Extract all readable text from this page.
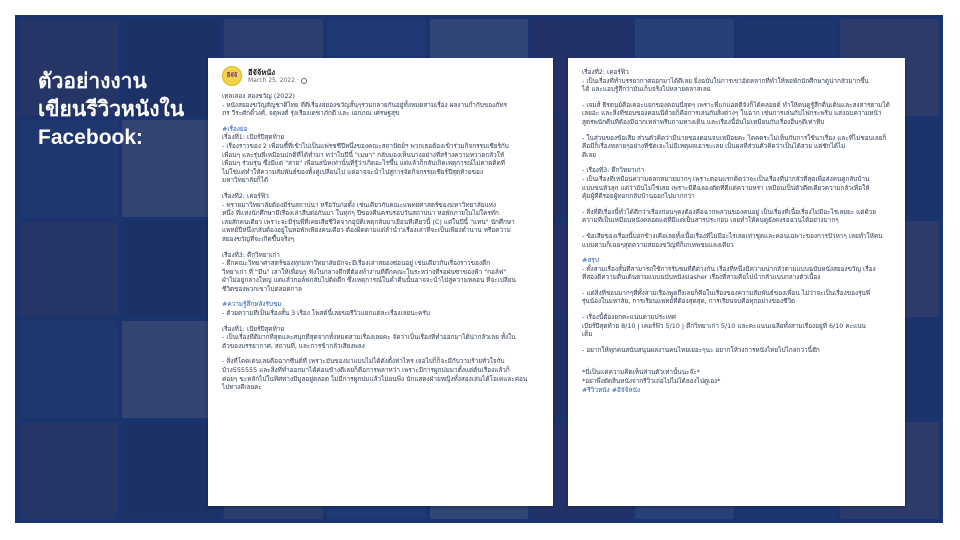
ตัวอย่างงาน
เขียนรีวิวหนังใน
Facebook:
อีจัจ้ อีจัจ้หนัง
March 25, 2022 ·
เทลเลอง สองขวัญ (2022)
- หนังสยองขวัญสัญชาติไทย ที่ดีเรื่องสยองขวัญสั้นๆรวมกลายกันอยู่ทั้งหมดสามเรื่อง ผลงานกำกับของภัทร
ภร วีระศักดิ์วงศ์, จตุพงศ์ รุ่งเรืองเดชาภักดี และ เอกภณ เศรษฐสุข
#เรื่องย่อ
เรื่องที่1: เบียร์ปีสุดท้าย
- เรื่องราวของ 2 เพื่อนซี้ที่เข้าไปเป็นแฟรชชีปีหนึ่งของคณะสถาปัตย์ฯ พวกเธอต้องเข้าร่วมกิจกรรมเชียร์กับ
เพื่อนๆ และรุ่นพี่เหมือนปกติที่ได้ทำมา ทว่าในปีนี้ "เมษา" กลับมองเห็นบางอย่างที่สร้างความหวาดกลัวให้
เพื่อนๆ ร่วมรุ่น ซึ่งมีแต่ "สาย" เพื่อนสนิทเท่านั้นที่รู้ว่าเกิดอะไรขึ้น แต่แล้วก็กลับเกิดเหตุการณ์ไม่คาดคิดที่
ไม่ใช่แค่ทำให้ความสัมพันธ์ของทั้งคู่เปลี่ยนไป แต่อาจจะนำไปสู่การจัดกิจกรรมเชียร์ปีสุดท้ายของ
มหาวิทยาลัยก็ได้
เรื่องที่2: เคอร์ฟิว
- ทรายมาวิทยาลัยต้องมีร่นสถาปนา หรือวันก่อตั้ง เช่นเดียวกับคณะแพทยศาสตร์ของมหาวิทยาลัยแห่ง
หนึ่ง ที่แห่งนักศึกษามีเรื่องเล่าสืบต่อกันมา ในทุกๆ ปีของคืนครบรอบวันสถาปนา หอพักภายในไม่ใครทัก
เลยสักคนเดียว เพราะจะมีรุ่นพี่ที่เคยเสียชีวิตจากอุบัติเหตุกลับมาเยือนที่เดียวนี้ (C) แต่ในปีนี้ "แทน" นักศึกษา
แพทย์ปีหนึ่งกลับต้องอยู่ในหอพักเพียงคนเดียว ต้องผิดตามแต่ลำนำวเรื่องเล่าที่จะเป็นเพียงตำนาน หรือความ
สยองขวัญที่จะเกิดขึ้นจริงๆ
เรื่องที่3: ดึกวิทยาเก่า
- ตึกคณะวิทยาศาสตร์ของทุกมหาวิทยาลัยมักจะมีเรื่องเล่าสยองซ่อนอยู่ เช่นเดียวกับเรื่องราวของตึก
วิทยาเก่า ที่ "มีน" เล่าให้เพื่อนๆ ฟังในกลางดึกที่ต้องทำงานที่ตึกคณะในระหว่างที่รอฝนซาของฟ้า "กอล์ฟ"
ฝ่าไม่อยู่กลางใหญ่ แต่แล้วกอล์ฟกลับไปติดดึก ซึ่งเหตุการณ์ในค่ำคืนนั้นอาจจะนำไปสู่ความหลอน ที่จะเปลี่ยน
ชีวิตของพวกเขาไปตลอดกาล
#ความรู้สึกหลังรับชม
- ด้วยความที่เป็นเรื่องสั้น 3 เรื่อง โพสต์นี้เลยขอรีวิวแยกแต่ละเรื่องเลยนะครับ
เรื่องที่1: เบียร์ปีสุดท้าย
- เป็นเรื่องที่ดีมากที่สุดและสนุกที่สุดจากทั้งหมดสามเรื่องเลยคะ จัดว่าเป็นเรื่องที่ทำออกมาได้น่ากลัวเลย ทั้งใน
ตัวของบรรยากาศ, สถานที่, และการข้ากลัวเสียงพลง
- สิ่งที่โดดเด่นเลยคือฉากซีนต์ที่ เพราะมันของมาแบบไม่ได้ดังตั้งท่าไทร เจอไปก็ก็จะมีกับวามร้ายทั่วใจกับ
บ้าง555555 และสิ่งที่ทำออกมาได้ค่อนข้างดีเลยก็คือการพลาหว่า เพราะมีการผูกปมมาตั้งแต่ต้นเรื่องแล้วก็
ค่อยๆ ขะหลักไปในทิศทางมีมูลอยู่ตลอด ไม่มีการผูกปมแล้วไม่อนพิ่ง นักแสดงฝ่ายหญิงทั้งสองเล่นได้โอเคและค่อน
ไปทางดีเลยคะ
เรื่องที่2: เคอร์ฟิว
- เป็นเรื่องที่ทำบรรยากาศออกมาได้ดีเลย ยิ่งฉบับในการเขาอัดหลากที่ทำให้หอพักนักศึกษาดูน่ากลัวมากขึ้น
ได้ และแอบรู้สึกว่ามันเก็บจริงไปหลายคลาสเลย
- เจมส์ ธีรดนย์คือเคอะแยกของคอนนี่สุดๆ เพราะพี่แกแอดดีจังก็ได้คลอยด์ ทำให้คนดูรู้สึกตื่นเต้นและสงสารตามได้
เลยอ่ะ และสิ่งที่ชอบของคอนนี่ด้วยก็คือการเล่นกับสิ่งต่างๆ ในฉาก เช่นการเล่นกับไฟกระพริบ แสงฉบความหน้า
สูตรพนักคืนที่ต้องมีฉากเหล่าพรีบถามทางเดิน และเรื่องนี้อันไม่เหมือนกับเรื่องอื่นๆดีเท่าหีบ
- ในส่วนของข้อเสีย ส่วนตัวคิดว่ามีนายของตอนจบเหมือยคะ ไดคดระไม่เห็นกับการใช้นาเรื่อง และที่ไม่ชอบเลยก็
คือมีก็เรื่องหลายๆอย่างที่ชัดเจะไม่มีเหตุผลเอาซะเลย เป็นผลที่ส่วนตัวคิดว่าเป็นได้สวย แต่ชักได้ไม่
ดีเลย
- เรื่องที่3: ดึกวิทยาเก่า
- เป็นเรื่องที่เหมือนความตลกหมายมากๆ เพราะตอนแรกคิดว่าจะเป็นเรื่องที่น่ากลัวที่สุดเพื่อส่งคนดูกลับบ้าน
แบบขนหัวลุก แต่ว่ามันไม่ใช่เลย เพราะมีดีฉลองตัดที่ดีแต่ความหรา เหมือนเป็นตัวตีดเดียวความกลัวเพื่อให้
คุ้มผู้ที่ดีรอยผู้ทอกกลับบ้านออกไปมากกว่า
- สิ่งที่ดีเรื่องนี้ทำได้ดีกว่าเรื่องก่อนๆคงต้องคือฉากพลวนของคนอยู่ เป็นเรื่องที่เนื้อเรื่องไม่มีอะไรเลยยะ แต่ด้วย
ความที่เป็นเหมือนหนังตลอดแต่ที่มีแต่เป็นสารประกอบ เลยทำให้คนดูยังคงรอฉวนได้อย่างมากๆ
- ข้อเสียของเรื่องนี้บอกข้างเคือเลยทั้งเนื้อเรื่องที่ไม่มีอะไรเลยเท่าชุดและคอนเฉพาะของการปัวหาๆ เลยทำให้คน
แบบตามก็เฉยๆสุดความสยองขวัญที่ก็เกเหพชมแลงเดียว
#สรุป
- ทั้งสามเรื่องสั้นที่สามารถใช้การรับชมที่ดีต่างกัน เรื่องที่หนึ่งมีความน่ากลัวตามแบบฉบับหนังสยองขวัญ เรื่อง
ที่สองดีความตื่นเต้นตามแบบฉบับหนังslasher เรื่องที่สามคือไปนำกลัวแบบกลางตัวเบื้อง
- แต่สิ่งที่ชอบมากๆที่ทั้งสามเรื่องพูดถึงเลยก็คือในเรื่องของความสัมพันธ์ของเพื่อน ไม่ว่าจะเป็นเรื่องของรุ่นพี่
รุ่นน้องในมหาลัย, การเรียนแพทย์ที่ต้องสุดสุด, การเรียนจบคือทุกอย่างของชีวิต
- เรื่องนี้ต้องยกคะแนนตามประเทศ
เบียร์ปีสุดท้าย 8/10 | เคอร์ฟิว 5/10 | ดึกวิทยาเก่า 5/10 และคะแนนเฉลี่ยทั้งสามเรื่องอยู่ที่ 6/10 คะแนน
เต็ม
- อยากให้ทุกคนสนับสนุนผลงานคนไทยเยอะๆนะ อยากให้วงการหนังไทยไปไกลกว่านี้ฮ๊ก
*นี่เป็นแค่ความคิดเห็นส่วนตัวเท่านั้นนะจ๊ะ*
*อย่าพึ่งตัดสินหนังจากรีวิวเถ่อไปไม่ได้ลองไปดูเอง*
#รีวิวหนัง #อีจัจ้หนัง
